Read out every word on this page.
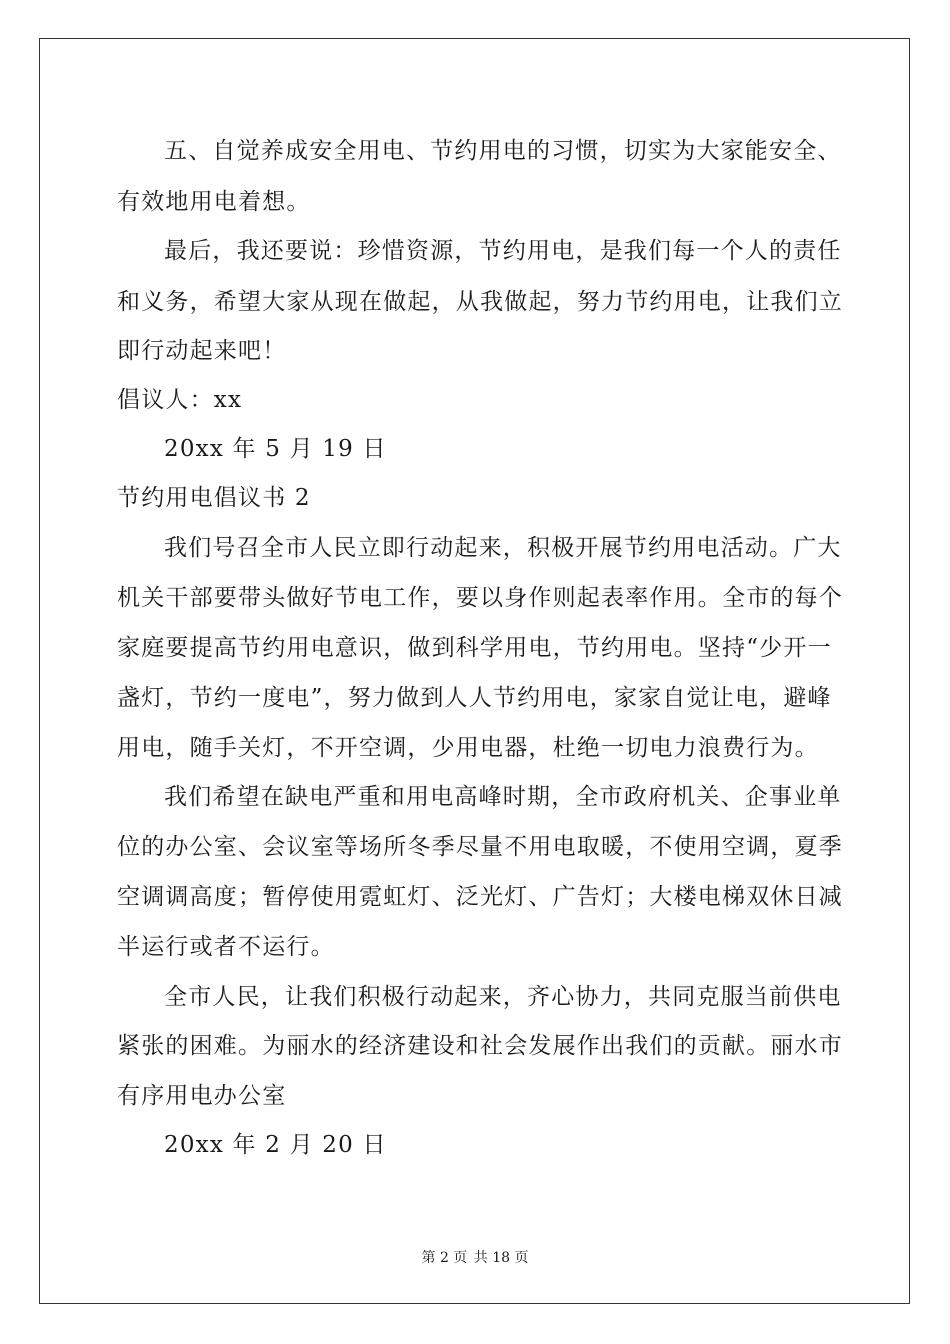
五、自觉养成安全用电、节约用电的习惯，切实为大家能安全、
有效地用电着想。
最后，我还要说：珍惜资源，节约用电，是我们每一个人的责任
和义务，希望大家从现在做起，从我做起，努力节约用电，让我们立
即行动起来吧！
倡议人：xx
20xx 年 5 月 19 日
节约用电倡议书 2
我们号召全市人民立即行动起来，积极开展节约用电活动。广大
机关干部要带头做好节电工作，要以身作则起表率作用。全市的每个
家庭要提高节约用电意识，做到科学用电，节约用电。坚持“少开一
盏灯，节约一度电”，努力做到人人节约用电，家家自觉让电，避峰
用电，随手关灯，不开空调，少用电器，杜绝一切电力浪费行为。
我们希望在缺电严重和用电高峰时期，全市政府机关、企事业单
位的办公室、会议室等场所冬季尽量不用电取暖，不使用空调，夏季
空调调高度；暂停使用霓虹灯、泛光灯、广告灯；大楼电梯双休日减
半运行或者不运行。
全市人民，让我们积极行动起来，齐心协力，共同克服当前供电
紧张的困难。为丽水的经济建设和社会发展作出我们的贡献。丽水市
有序用电办公室
20xx 年 2 月 20 日
第 2 页 共 18 页
